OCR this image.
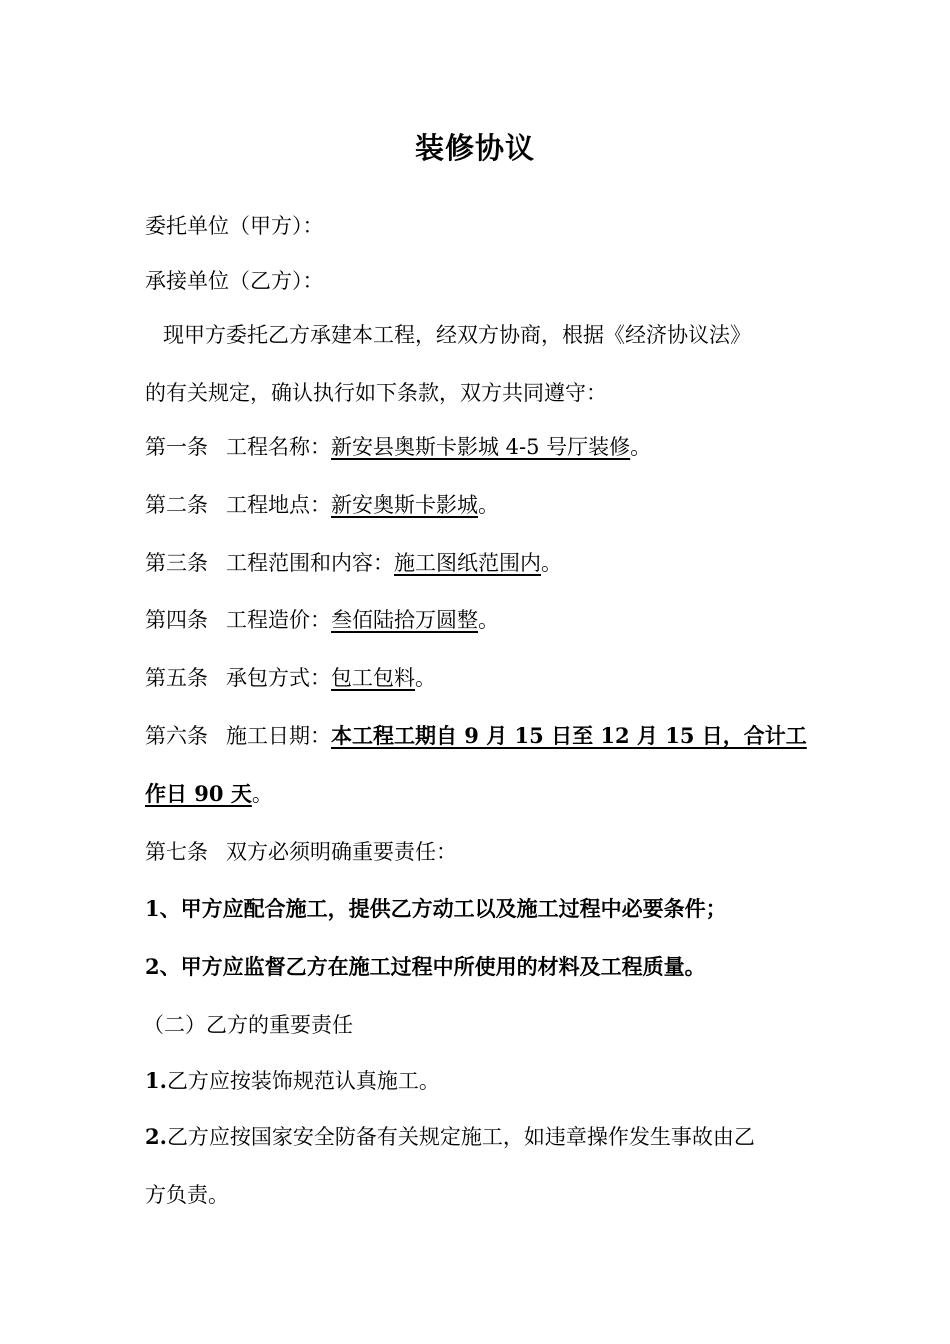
装修协议
委托单位（甲方）：
承接单位（乙方）：
现甲方委托乙方承建本工程，经双方协商，根据《经济协议法》
的有关规定，确认执行如下条款，双方共同遵守：
第一条 工程名称：新安县奥斯卡影城 4-5 号厅装修。
第二条 工程地点：新安奥斯卡影城。
第三条 工程范围和内容：施工图纸范围内。
第四条 工程造价：叁佰陆拾万圆整。
第五条 承包方式：包工包料。
第六条 施工日期：本工程工期自 9 月 15 日至 12 月 15 日，合计工
作日 90 天。
第七条 双方必须明确重要责任：
1、甲方应配合施工，提供乙方动工以及施工过程中必要条件；
2、甲方应监督乙方在施工过程中所使用的材料及工程质量。
（二）乙方的重要责任
1.乙方应按装饰规范认真施工。
2.乙方应按国家安全防备有关规定施工，如违章操作发生事故由乙
方负责。
